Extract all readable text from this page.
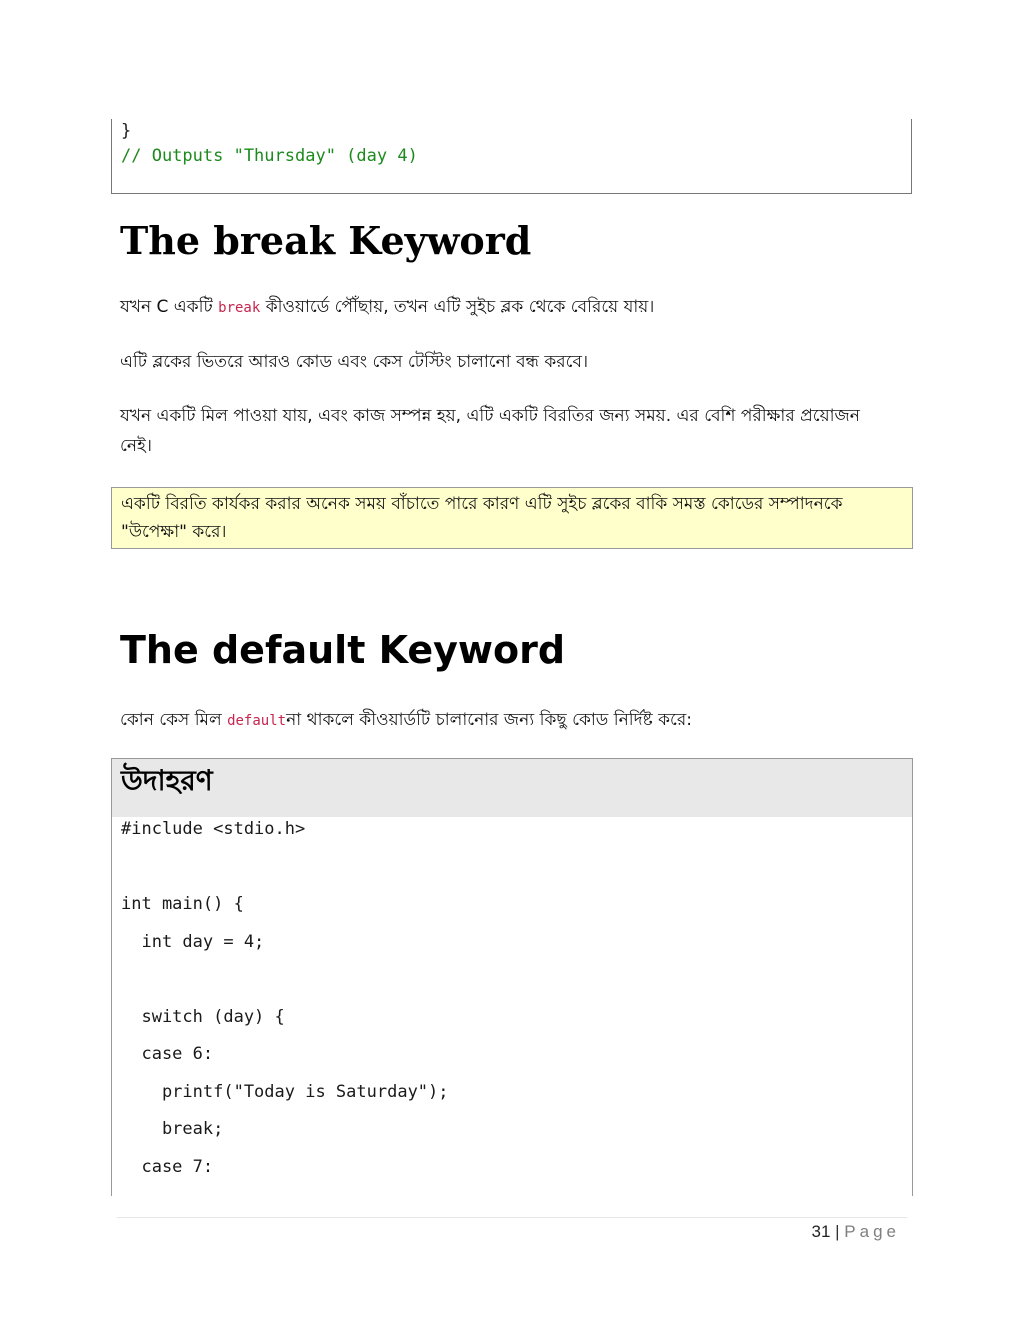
}
// Outputs "Thursday" (day 4)
The break Keyword

যখন C একটি break কীওয়ার্ডে পৌঁছায়, তখন এটি সুইচ ব্লক থেকে বেরিয়ে যায়।

এটি ব্লকের ভিতরে আরও কোড এবং কেস টেস্টিং চালানো বন্ধ করবে।

যখন একটি মিল পাওয়া যায়, এবং কাজ সম্পন্ন হয়, এটি একটি বিরতির জন্য সময়. এর বেশি পরীক্ষার প্রয়োজন নেই।

একটি বিরতি কার্যকর করার অনেক সময় বাঁচাতে পারে কারণ এটি সুইচ ব্লকের বাকি সমস্ত কোডের সম্পাদনকে "উপেক্ষা" করে।
The default Keyword

কোন কেস মিল defaultনা থাকলে কীওয়ার্ডটি চালানোর জন্য কিছু কোড নির্দিষ্ট করে:

উদাহরণ
#include <stdio.h>
int main() {
int day = 4;
switch (day) {
case 6:
printf("Today is Saturday");
break;
case 7:
31 | Page
